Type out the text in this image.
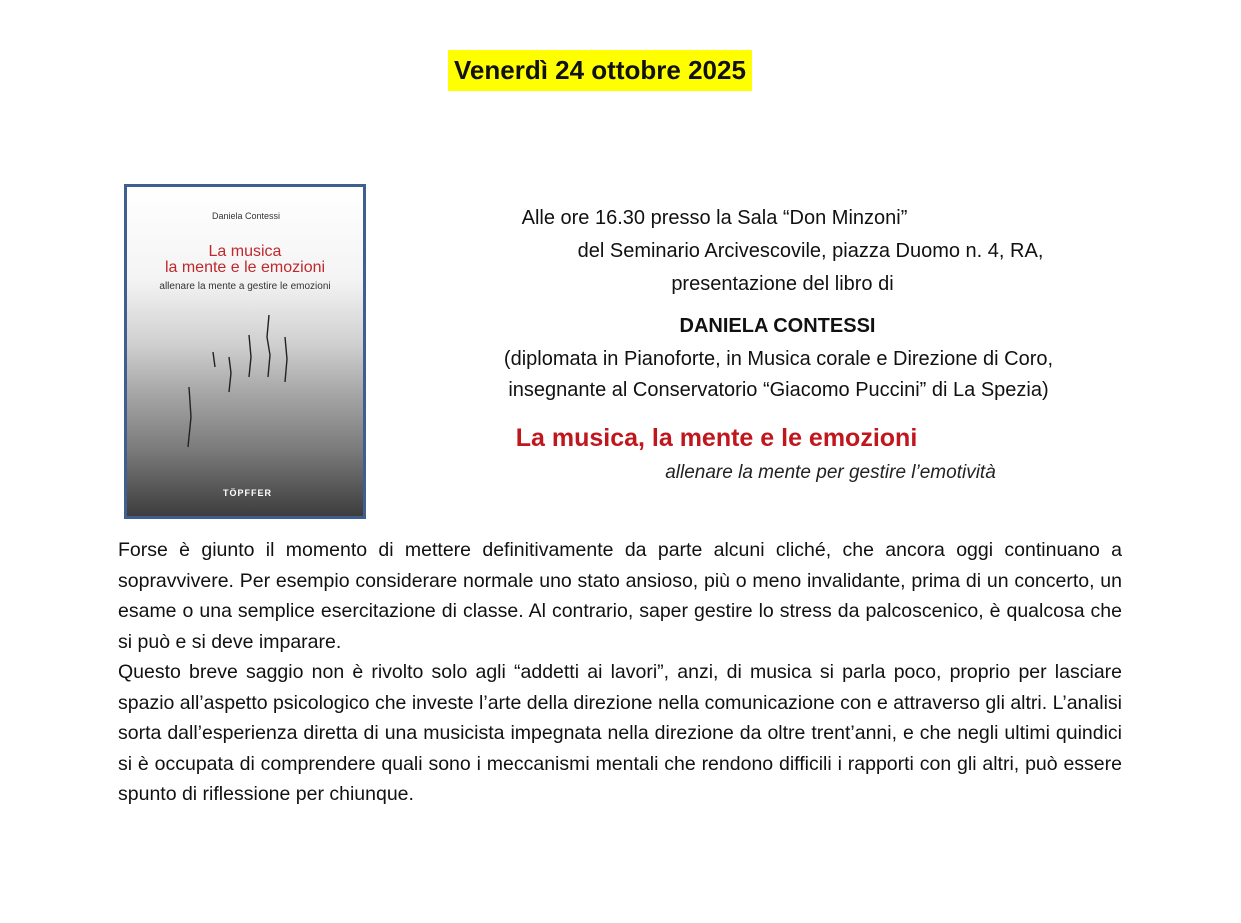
Venerdì 24 ottobre 2025
Daniela Contessi
La musica
la mente e le emozioni
allenare la mente a gestire le emozioni
TÖPFFER
Alle ore 16.30 presso la Sala “Don Minzoni”
del Seminario Arcivescovile, piazza Duomo n. 4, RA,
presentazione del libro di
DANIELA CONTESSI
(diplomata in Pianoforte, in Musica corale e Direzione di Coro,
insegnante al Conservatorio “Giacomo Puccini” di La Spezia)
La musica, la mente e le emozioni
allenare la mente per gestire l’emotività

Forse è giunto il momento di mettere definitivamente da parte alcuni cliché, che ancora oggi continuano a sopravvivere. Per esempio considerare normale uno stato ansioso, più o meno invalidante, prima di un concerto, un esame o una semplice esercitazione di classe. Al contrario, saper gestire lo stress da palcoscenico, è qualcosa che si può e si deve imparare.

Questo breve saggio non è rivolto solo agli “addetti ai lavori”, anzi, di musica si parla poco, proprio per lasciare spazio all’aspetto psicologico che investe l’arte della direzione nella comunicazione con e attraverso gli altri. L’analisi sorta dall’esperienza diretta di una musicista impegnata nella direzione da oltre trent’anni, e che negli ultimi quindici si è occupata di comprendere quali sono i meccanismi mentali che rendono difficili i rapporti con gli altri, può essere spunto di riflessione per chiunque.
